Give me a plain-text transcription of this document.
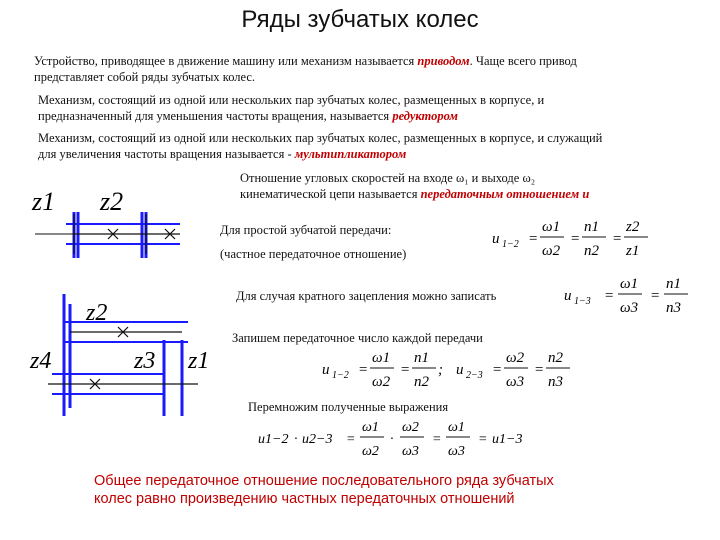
Ряды зубчатых колес
Устройство, приводящее в движение машину или механизм называется приводом. Чаще всего привод
представляет собой ряды зубчатых колес.
Механизм, состоящий из одной или нескольких пар зубчатых колес, размещенных в корпусе, и
предназначенный для уменьшения частоты вращения, называется редуктором
Механизм, состоящий из одной или нескольких пар зубчатых колес, размещенных в корпусе, и служащий
для увеличения частоты вращения называется - мультипликатором
Отношение угловых скоростей на входе ω₁ и выходе ω₂
кинематической цепи называется передаточным отношением u
Для простой зубчатой передачи:
(частное передаточное отношение)
Для случая кратного зацепления можно записать
Запишем передаточное число каждой передачи
Перемножим полученные выражения
Общее передаточное отношение последовательного ряда зубчатых
колес равно произведению частных передаточных отношений
z1 z2
z2
z4	z3 z1
u 1−2 =
ω1
ω2
=
n1
n2
=
z2
z1
u 1−3 =
ω1
ω3
=
n1
n3
u 1−2 =
ω1
ω2
=
n1
n2
; u 2−3 =
ω2
ω3
=
n2
n3
u1−2 · u2−3 =
ω1
ω2
·
ω2
ω3
=
ω1
ω3
= u1−3
